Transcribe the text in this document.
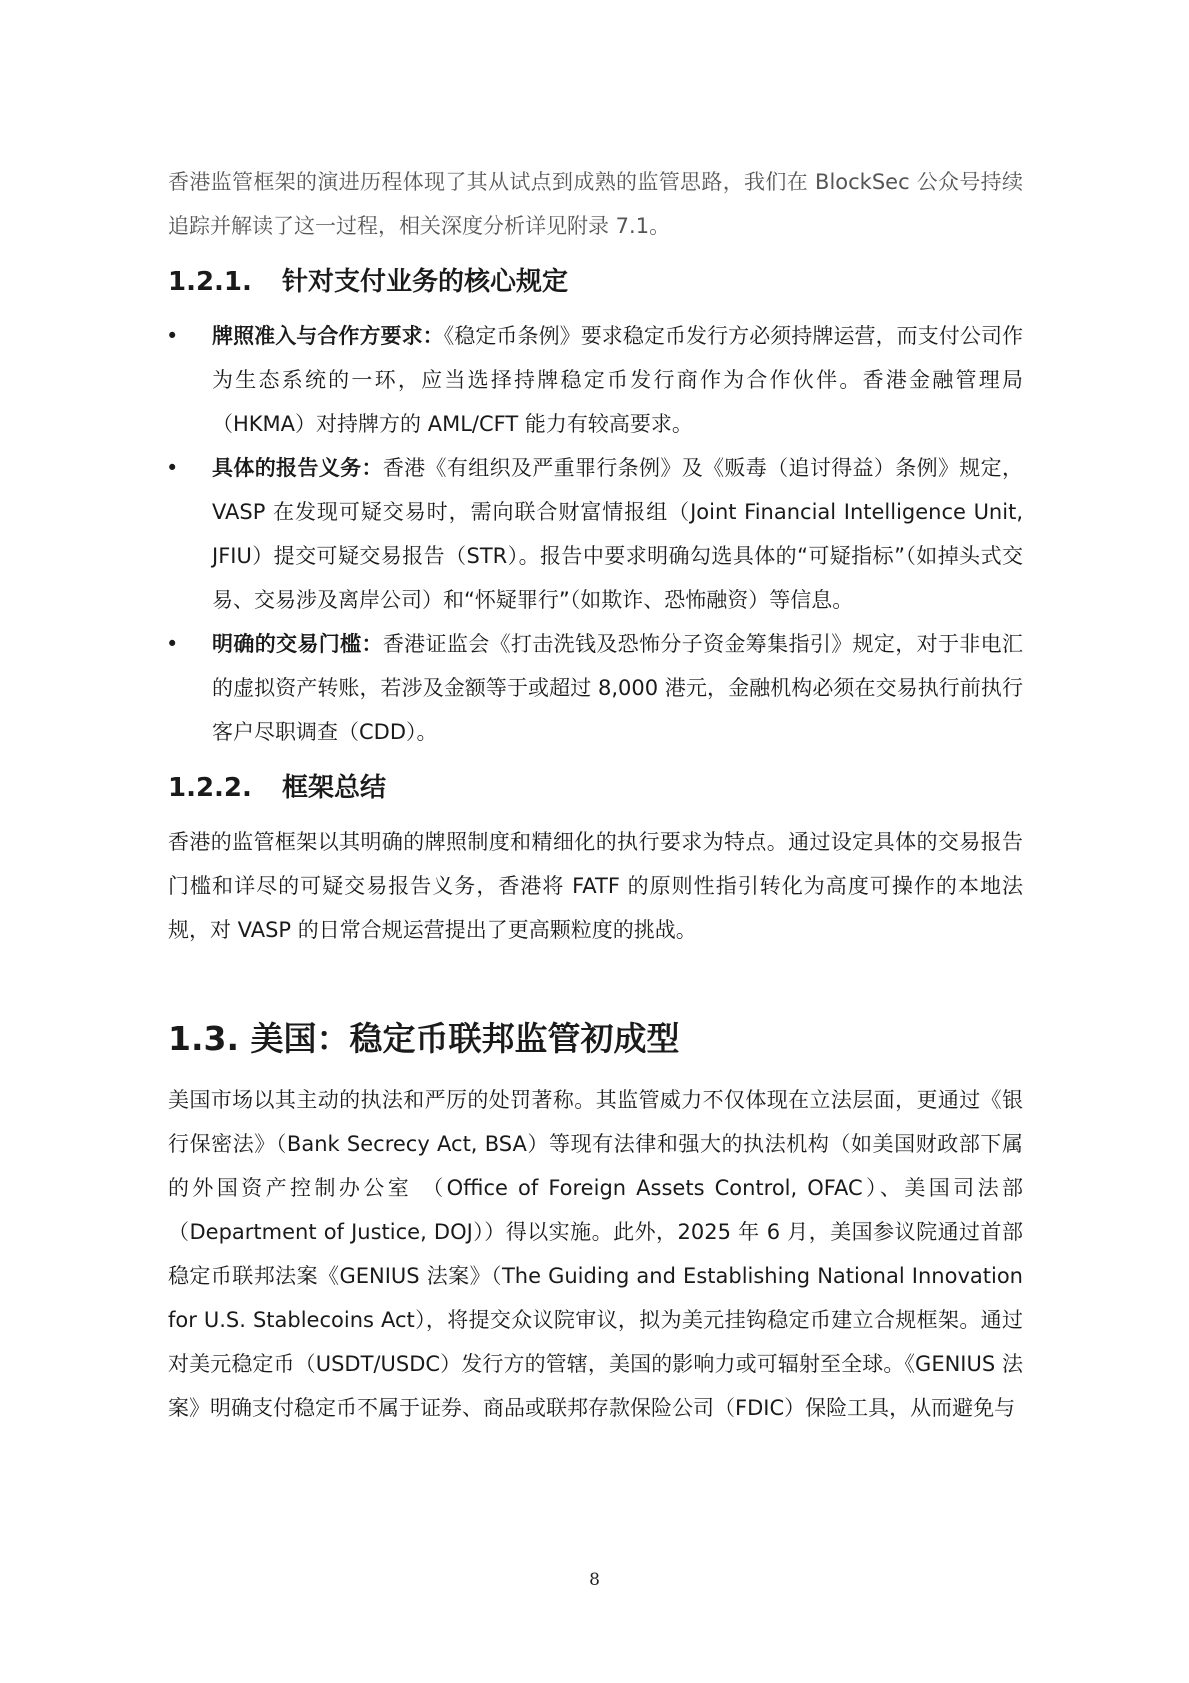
香港监管框架的演进历程体现了其从试点到成熟的监管思路，我们在 BlockSec 公众号持续追踪并解读了这一过程，相关深度分析详见附录 7.1。

1.2.1.	针对支付业务的核心规定
• 牌照准入与合作方要求：《稳定币条例》要求稳定币发行方必须持牌运营，而支付公司作为生态系统的一环，应当选择持牌稳定币发行商作为合作伙伴。香港金融管理局（HKMA）对持牌方的 AML/CFT 能力有较高要求。
• 具体的报告义务：香港《有组织及严重罪行条例》及《贩毒（追讨得益）条例》规定，VASP 在发现可疑交易时，需向联合财富情报组（Joint Financial Intelligence Unit, JFIU）提交可疑交易报告（STR）。报告中要求明确勾选具体的“可疑指标”（如掉头式交易、交易涉及离岸公司）和“怀疑罪行”（如欺诈、恐怖融资）等信息。
• 明确的交易门槛：香港证监会《打击洗钱及恐怖分子资金筹集指引》规定，对于非电汇的虚拟资产转账，若涉及金额等于或超过 8,000 港元，金融机构必须在交易执行前执行客户尽职调查（CDD）。
1.2.2.	框架总结

香港的监管框架以其明确的牌照制度和精细化的执行要求为特点。通过设定具体的交易报告门槛和详尽的可疑交易报告义务，香港将 FATF 的原则性指引转化为高度可操作的本地法规，对 VASP 的日常合规运营提出了更高颗粒度的挑战。

1.3. 美国：稳定币联邦监管初成型

美国市场以其主动的执法和严厉的处罚著称。其监管威力不仅体现在立法层面，更通过《银行保密法》（Bank Secrecy Act, BSA）等现有法律和强大的执法机构（如美国财政部下属的外国资产控制办公室 （Office of Foreign Assets Control, OFAC）、美国司法部（Department of Justice, DOJ））得以实施。此外，2025 年 6 月，美国参议院通过首部稳定币联邦法案《GENIUS 法案》（The Guiding and Establishing National Innovation for U.S. Stablecoins Act），将提交众议院审议，拟为美元挂钩稳定币建立合规框架。通过对美元稳定币（USDT/USDC）发行方的管辖，美国的影响力或可辐射至全球。《GENIUS 法案》明确支付稳定币不属于证券、商品或联邦存款保险公司（FDIC）保险工具，从而避免与

8
